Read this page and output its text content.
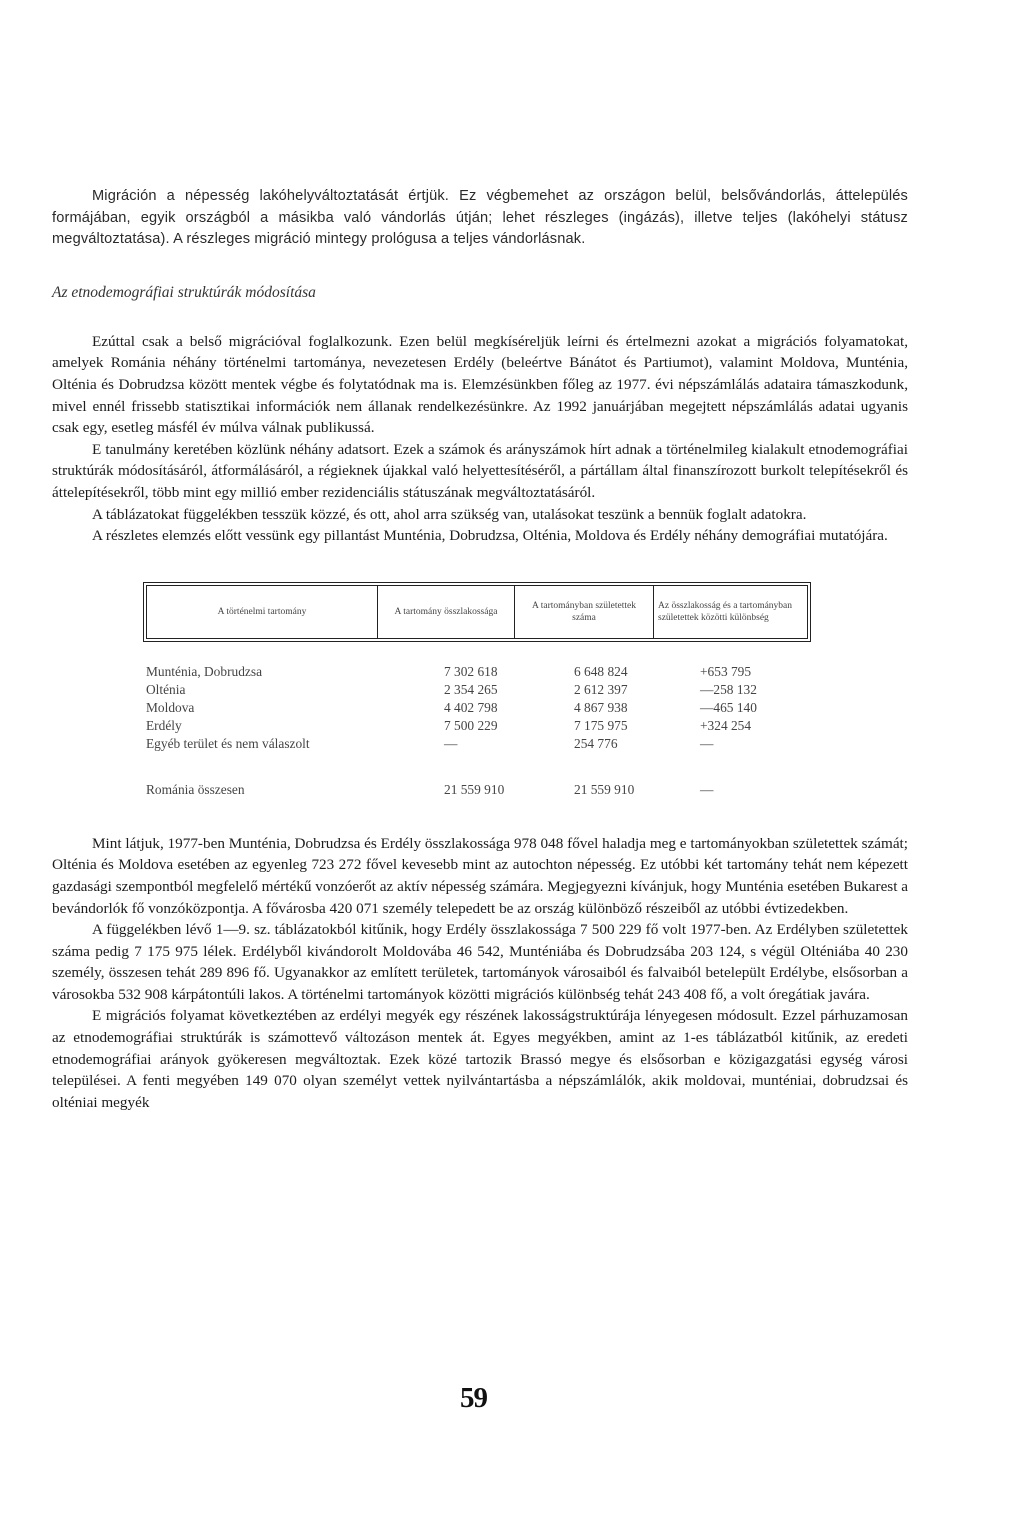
Migráción a népesség lakóhelyváltoztatását értjük. Ez végbemehet az országon belül, belsővándorlás, áttelepülés formájában, egyik országból a másikba való vándorlás útján; lehet részleges (ingázás), illetve teljes (lakóhelyi státusz megváltoztatása). A részleges migráció mintegy prológusa a teljes vándorlásnak.

Az etnodemográfiai struktúrák módosítása

Ezúttal csak a belső migrációval foglalkozunk. Ezen belül megkíséreljük leírni és értelmezni azokat a migrációs folyamatokat, amelyek Románia néhány történelmi tartománya, nevezetesen Erdély (beleértve Bánátot és Partiumot), valamint Moldova, Munténia, Olténia és Dobrudzsa között mentek végbe és folytatódnak ma is. Elemzésünkben főleg az 1977. évi népszámlálás adataira támaszkodunk, mivel ennél frissebb statisztikai információk nem állanak rendelkezésünkre. Az 1992 januárjában megejtett népszámlálás adatai ugyanis csak egy, esetleg másfél év múlva válnak publikussá.

E tanulmány keretében közlünk néhány adatsort. Ezek a számok és arányszámok hírt adnak a történelmileg kialakult etnodemográfiai struktúrák módosításáról, átformálásáról, a régieknek újakkal való helyettesítéséről, a pártállam által finanszírozott burkolt telepítésekről és áttelepítésekről, több mint egy millió ember rezidenciális státuszának megváltoztatásáról.

A táblázatokat függelékben tesszük közzé, és ott, ahol arra szükség van, utalásokat teszünk a bennük foglalt adatokra.

A részletes elemzés előtt vessünk egy pillantást Munténia, Dobrudzsa, Olténia, Moldova és Erdély néhány demográfiai mutatójára.

A történelmi tartomány	A tartomány összlakossága	A tartományban születettek száma	Az összlakosság és a tartományban születettek közötti különbség
Munténia, Dobrudzsa	7 302 618	6 648 824	+653 795
Olténia	2 354 265	2 612 397	—258 132
Moldova	4 402 798	4 867 938	—465 140
Erdély	7 500 229	7 175 975	+324 254
Egyéb terület és nem válaszolt	—	254 776	—
Románia összesen	21 559 910	21 559 910	—

Mint látjuk, 1977-ben Munténia, Dobrudzsa és Erdély összlakossága 978 048 fővel haladja meg e tartományokban születettek számát; Olténia és Moldova esetében az egyenleg 723 272 fővel kevesebb mint az autochton népesség. Ez utóbbi két tartomány tehát nem képezett gazdasági szempontból megfelelő mértékű vonzóerőt az aktív népesség számára. Megjegyezni kívánjuk, hogy Munténia esetében Bukarest a bevándorlók fő vonzóközpontja. A fővárosba 420 071 személy telepedett be az ország különböző részeiből az utóbbi évtizedekben.

A függelékben lévő 1—9. sz. táblázatokból kitűnik, hogy Erdély összlakossága 7 500 229 fő volt 1977-ben. Az Erdélyben születettek száma pedig 7 175 975 lélek. Erdélyből kivándorolt Moldovába 46 542, Munténiába és Dobrudzsába 203 124, s végül Olténiába 40 230 személy, összesen tehát 289 896 fő. Ugyanakkor az említett területek, tartományok városaiból és falvaiból betelepült Erdélybe, elsősorban a városokba 532 908 kárpátontúli lakos. A történelmi tartományok közötti migrációs különbség tehát 243 408 fő, a volt óregátiak javára.

E migrációs folyamat következtében az erdélyi megyék egy részének lakosságstruktúrája lényegesen módosult. Ezzel párhuzamosan az etnodemográfiai struktúrák is számottevő változáson mentek át. Egyes megyékben, amint az 1-es táblázatból kitűnik, az eredeti etnodemográfiai arányok gyökeresen megváltoztak. Ezek közé tartozik Brassó megye és elsősorban e közigazgatási egység városi települései. A fenti megyében 149 070 olyan személyt vettek nyilvántartásba a népszámlálók, akik moldovai, munténiai, dobrudzsai és olténiai megyék

59
